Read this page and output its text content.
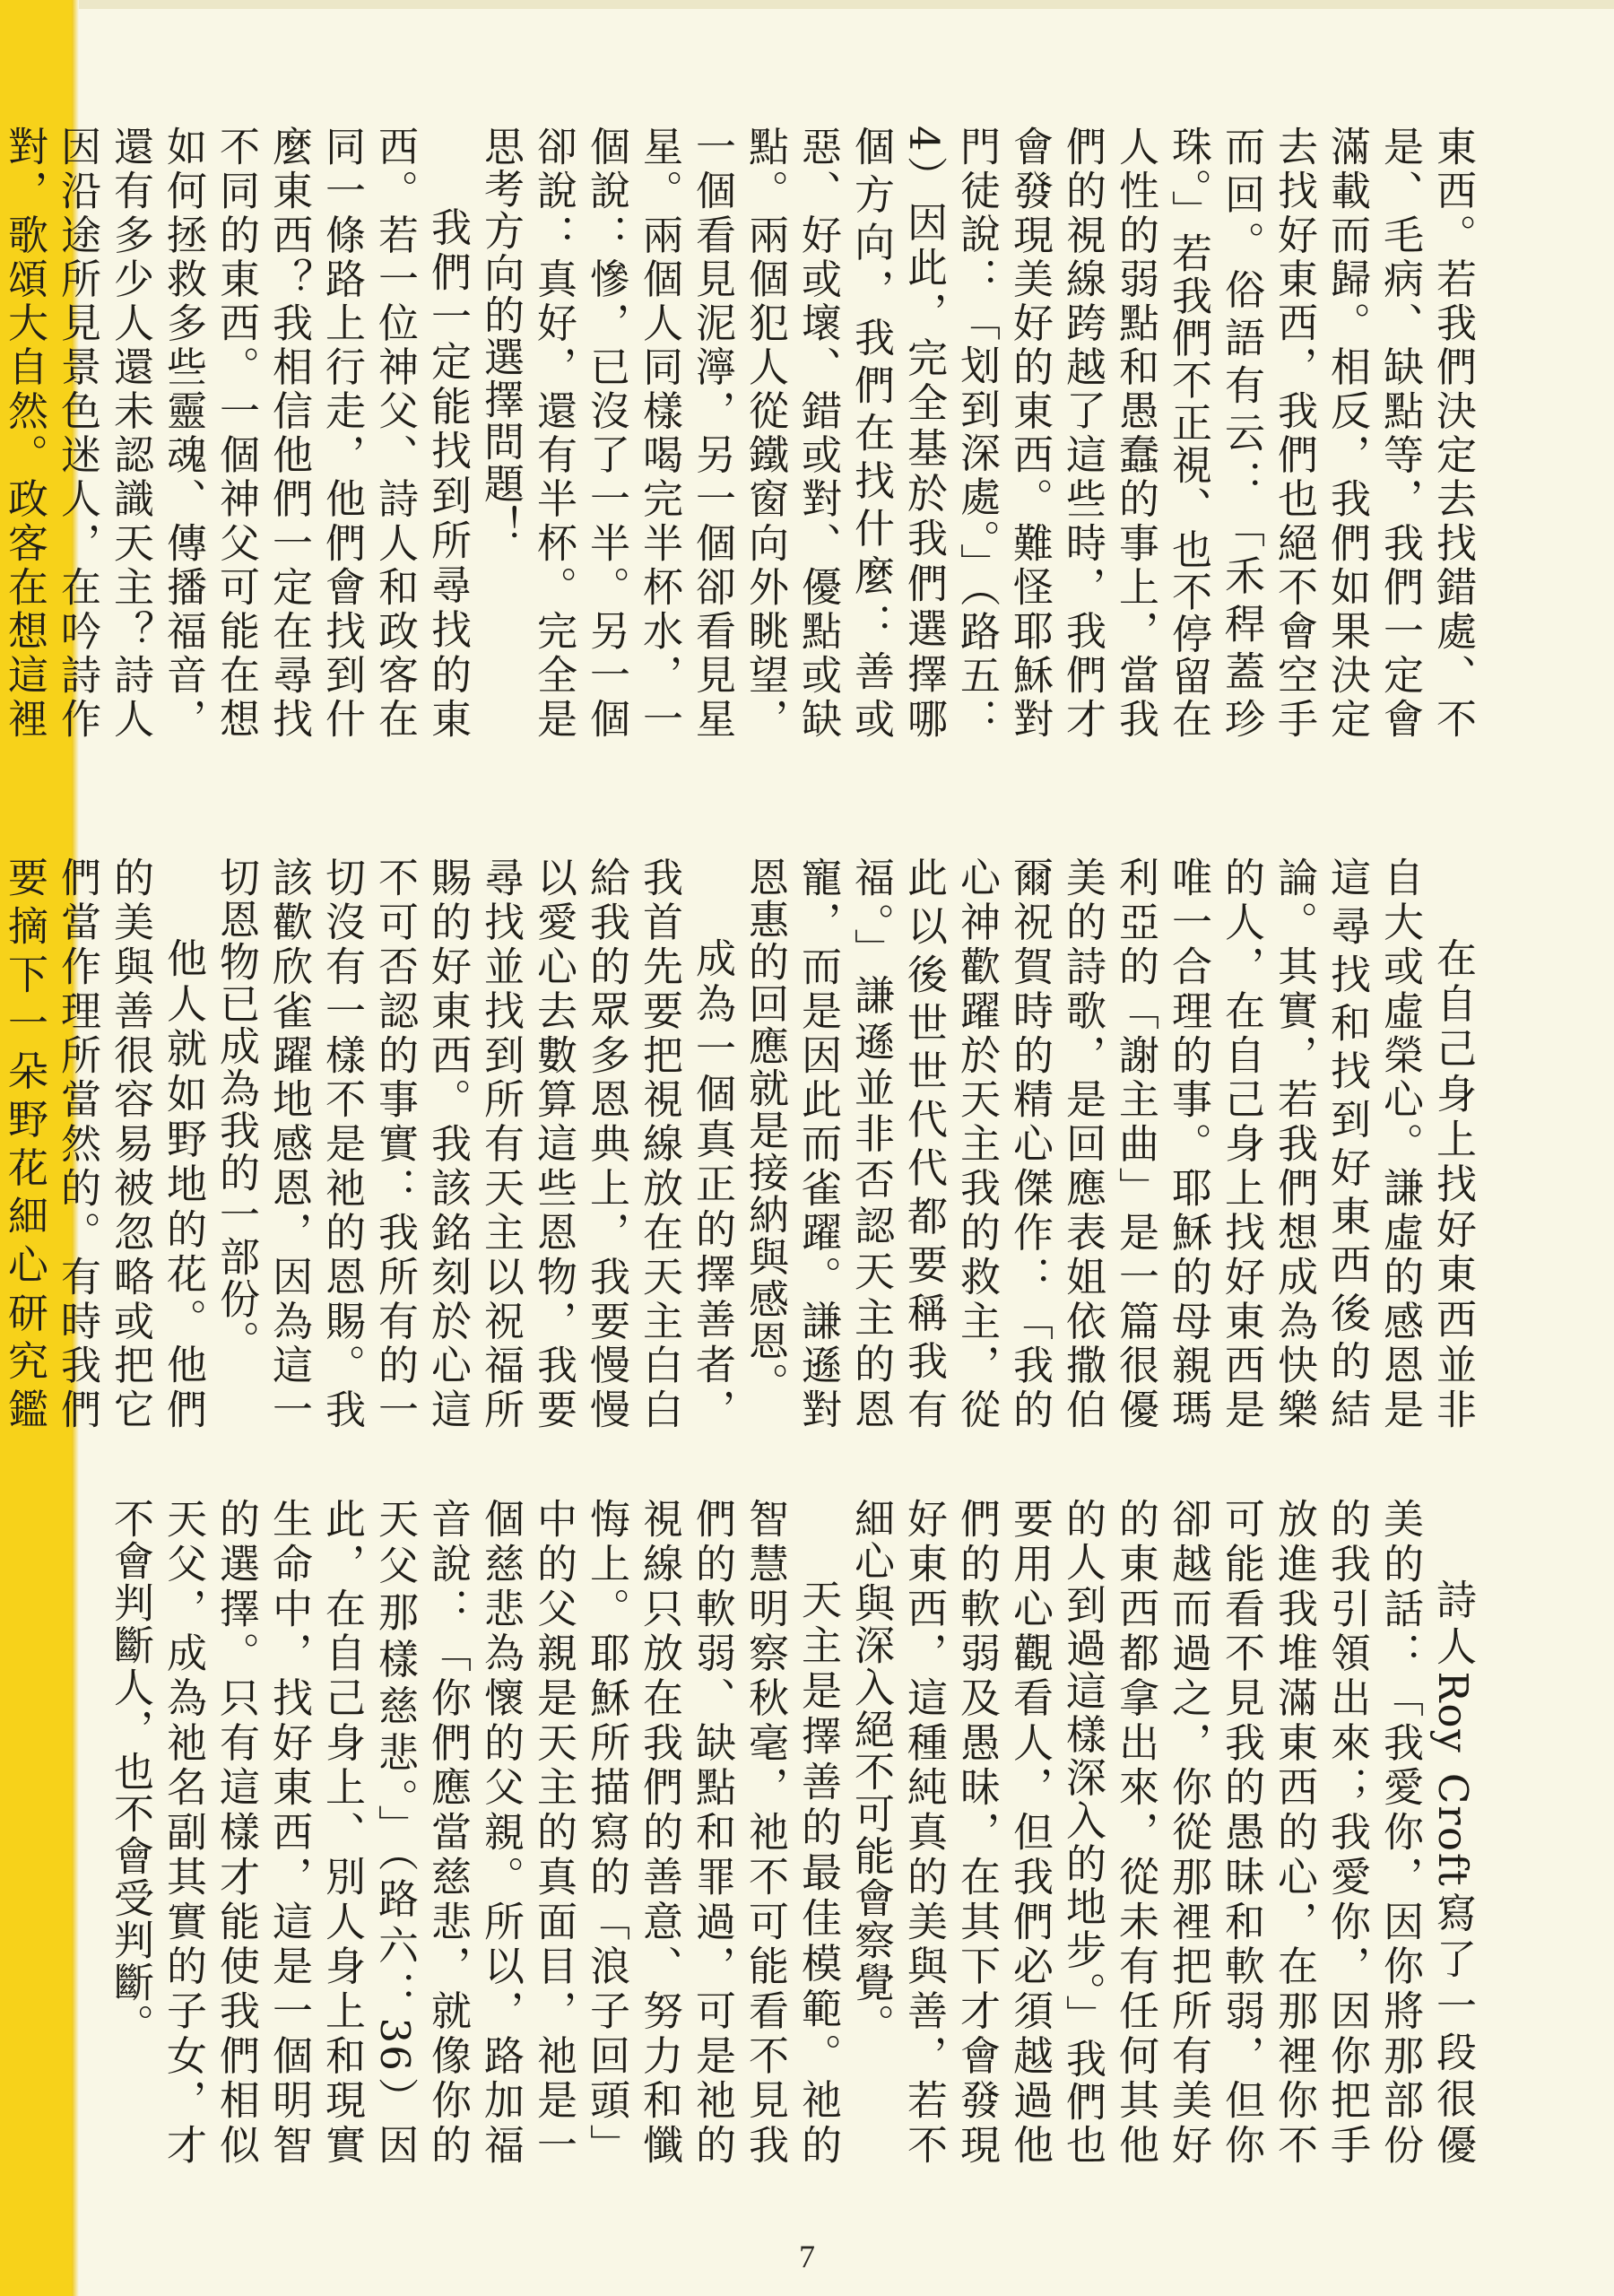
東西。若我們決定去找錯處、不是、毛病、缺點等，我們一定會滿載而歸。相反，我們如果決定去找好東西，我們也絕不會空手而回。俗語有云：「禾稈蓋珍珠。」若我們不正視、也不停留在人性的弱點和愚蠢的事上，當我們的視線跨越了這些時，我們才會發現美好的東西。難怪耶穌對門徒說：「划到深處。」（路五：4）因此，完全基於我們選擇哪個方向，我們在找什麼：善或惡、好或壞、錯或對、優點或缺點。兩個犯人從鐵窗向外眺望，一個看見泥濘，另一個卻看見星星。兩個人同樣喝完半杯水，一個說：慘，已沒了一半。另一個卻說：真好，還有半杯。完全是思考方向的選擇問題！

我們一定能找到所尋找的東西。若一位神父、詩人和政客在同一條路上行走，他們會找到什麼東西？我相信他們一定在尋找不同的東西。一個神父可能在想如何拯救多些靈魂、傳播福音，還有多少人還未認識天主？詩人因沿途所見景色迷人，在吟詩作對，歌頌大自然。政客在想這裡

在自己身上找好東西並非自大或虛榮心。謙虛的感恩是這尋找和找到好東西後的結論。其實，若我們想成為快樂的人，在自己身上找好東西是唯一合理的事。耶穌的母親瑪利亞的「謝主曲」是一篇很優美的詩歌，是回應表姐依撒伯爾祝賀時的精心傑作：「我的心神歡躍於天主我的救主，從此以後世世代代都要稱我有福。」謙遜並非否認天主的恩寵，而是因此而雀躍。謙遜對恩惠的回應就是接納與感恩。

成為一個真正的擇善者，我首先要把視線放在天主白白給我的眾多恩典上，我要慢慢以愛心去數算這些恩物，我要尋找並找到所有天主以祝福所賜的好東西。我該銘刻於心這不可否認的事實：我所有的一切沒有一樣不是祂的恩賜。我該歡欣雀躍地感恩，因為這一切恩物已成為我的一部份。

他人就如野地的花。他們的美與善很容易被忽略或把它們當作理所當然的。有時我們要摘下一朵野花細心研究鑑

詩人Roy Croft寫了一段很優美的話：「我愛你，因你將那部份的我引領出來；我愛你，因你把手放進我堆滿東西的心，在那裡你不可能看不見我的愚昧和軟弱，但你卻越而過之，你從那裡把所有美好的東西都拿出來，從未有任何其他的人到過這樣深入的地步。」我們也要用心觀看人，但我們必須越過他們的軟弱及愚昧，在其下才會發現好東西，這種純真的美與善，若不細心與深入絕不可能會察覺。

天主是擇善的最佳模範。祂的智慧明察秋毫，祂不可能看不見我們的軟弱、缺點和罪過，可是祂的視線只放在我們的善意、努力和懺悔上。耶穌所描寫的「浪子回頭」中的父親是天主的真面目，祂是一個慈悲為懷的父親。所以，路加福音說：「你們應當慈悲，就像你的天父那樣慈悲。」（路六：36）因此，在自己身上、別人身上和現實生命中，找好東西，這是一個明智的選擇。只有這樣才能使我們相似天父，成為祂名副其實的子女，才不會判斷人，也不會受判斷。

7
